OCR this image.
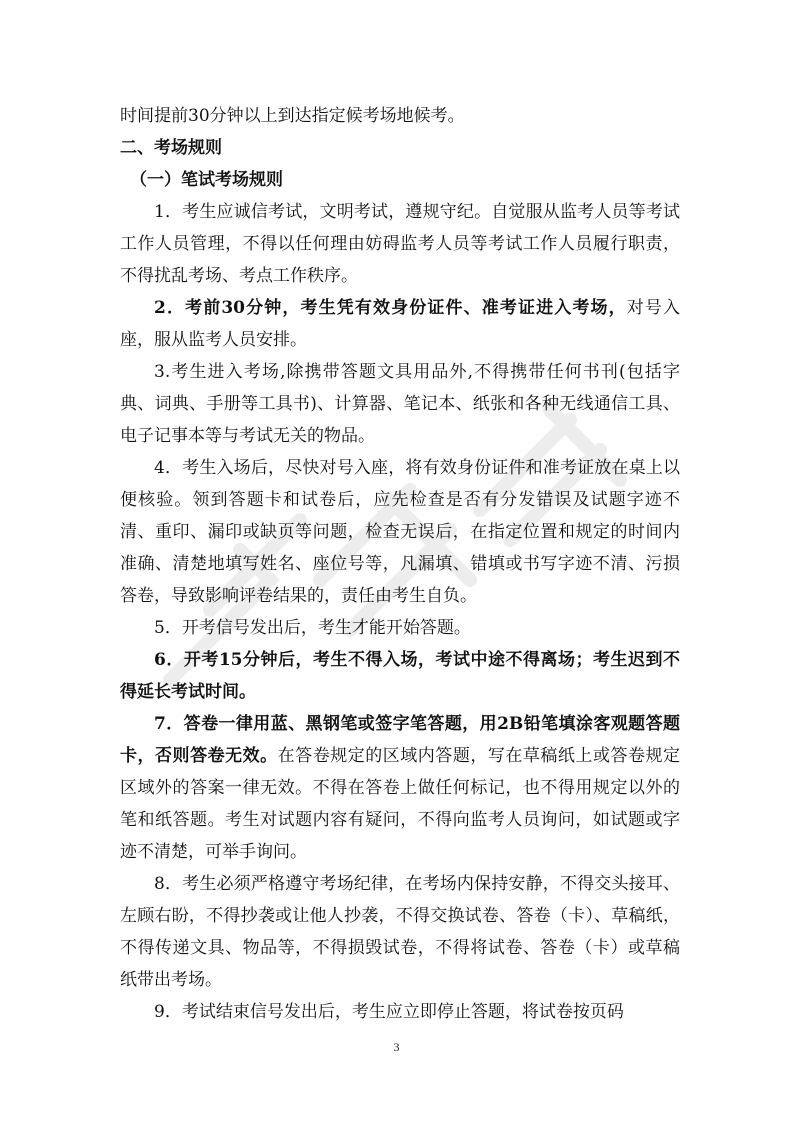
时间提前30分钟以上到达指定候考场地候考。

二、考场规则

（一）笔试考场规则

1．考生应诚信考试，文明考试，遵规守纪。自觉服从监考人员等考试工作人员管理，不得以任何理由妨碍监考人员等考试工作人员履行职责，不得扰乱考场、考点工作秩序。

2．考前30分钟，考生凭有效身份证件、准考证进入考场，对号入座，服从监考人员安排。

3.考生进入考场,除携带答题文具用品外,不得携带任何书刊(包括字典、词典、手册等工具书)、计算器、笔记本、纸张和各种无线通信工具、电子记事本等与考试无关的物品。

4．考生入场后，尽快对号入座，将有效身份证件和准考证放在桌上以便核验。领到答题卡和试卷后，应先检查是否有分发错误及试题字迹不清、重印、漏印或缺页等问题，检查无误后，在指定位置和规定的时间内准确、清楚地填写姓名、座位号等，凡漏填、错填或书写字迹不清、污损答卷，导致影响评卷结果的，责任由考生自负。

5．开考信号发出后，考生才能开始答题。

6．开考15分钟后，考生不得入场，考试中途不得离场；考生迟到不得延长考试时间。

7．答卷一律用蓝、黑钢笔或签字笔答题，用2B铅笔填涂客观题答题卡，否则答卷无效。在答卷规定的区域内答题，写在草稿纸上或答卷规定区域外的答案一律无效。不得在答卷上做任何标记，也不得用规定以外的笔和纸答题。考生对试题内容有疑问，不得向监考人员询问，如试题或字迹不清楚，可举手询问。

8．考生必须严格遵守考场纪律，在考场内保持安静，不得交头接耳、左顾右盼，不得抄袭或让他人抄袭，不得交换试卷、答卷（卡）、草稿纸，不得传递文具、物品等，不得损毁试卷，不得将试卷、答卷（卡）或草稿纸带出考场。

9．考试结束信号发出后，考生应立即停止答题，将试卷按页码

3
